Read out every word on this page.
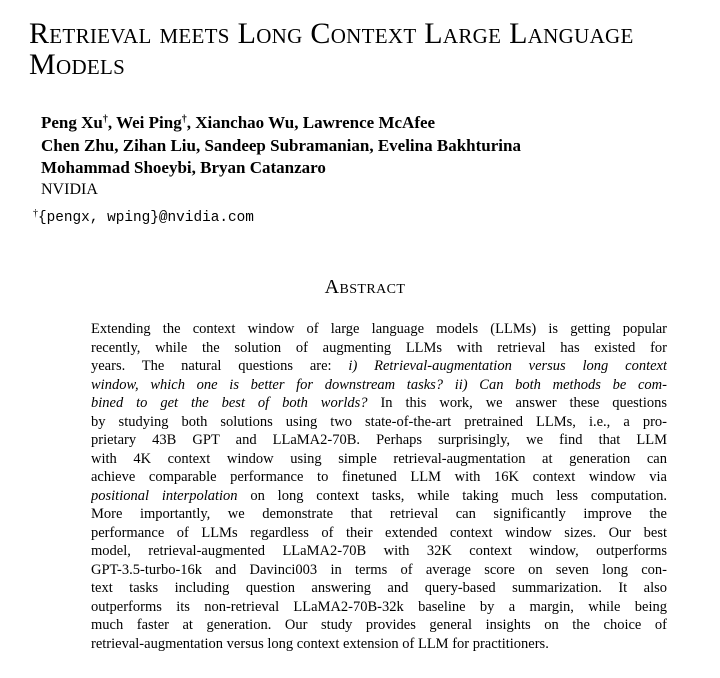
Retrieval meets Long Context Large Language
Models
Peng Xu†, Wei Ping†, Xianchao Wu, Lawrence McAfee
Chen Zhu, Zihan Liu, Sandeep Subramanian, Evelina Bakhturina
Mohammad Shoeybi, Bryan Catanzaro
NVIDIA
†{pengx, wping}@nvidia.com
Abstract
Extending the context window of large language models (LLMs) is getting popular
recently, while the solution of augmenting LLMs with retrieval has existed for
years. The natural questions are: i) Retrieval-augmentation versus long context
window, which one is better for downstream tasks? ii) Can both methods be com-
bined to get the best of both worlds? In this work, we answer these questions
by studying both solutions using two state-of-the-art pretrained LLMs, i.e., a pro-
prietary 43B GPT and LLaMA2-70B. Perhaps surprisingly, we find that LLM
with 4K context window using simple retrieval-augmentation at generation can
achieve comparable performance to finetuned LLM with 16K context window via
positional interpolation on long context tasks, while taking much less computation.
More importantly, we demonstrate that retrieval can significantly improve the
performance of LLMs regardless of their extended context window sizes. Our best
model, retrieval-augmented LLaMA2-70B with 32K context window, outperforms
GPT-3.5-turbo-16k and Davinci003 in terms of average score on seven long con-
text tasks including question answering and query-based summarization. It also
outperforms its non-retrieval LLaMA2-70B-32k baseline by a margin, while being
much faster at generation. Our study provides general insights on the choice of
retrieval-augmentation versus long context extension of LLM for practitioners.
